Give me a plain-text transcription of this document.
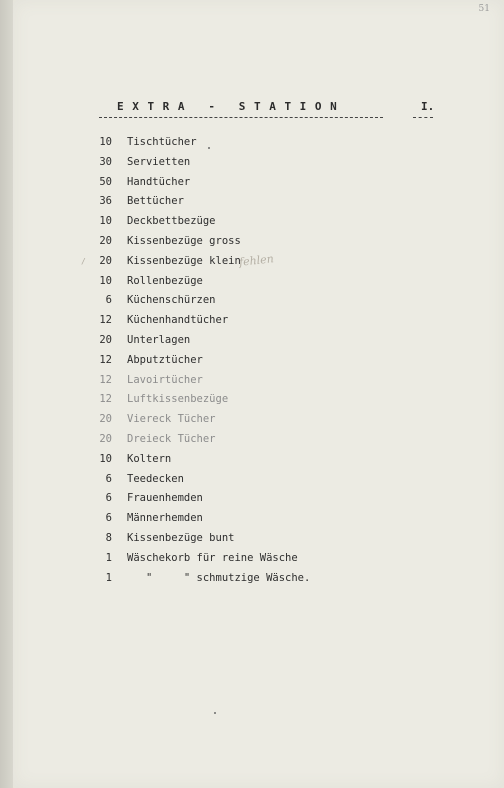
51
EXTRA - STATION	I.
/	fehlen
10 Tischtücher
30 Servietten
50 Handtücher
36 Bettücher
10 Deckbettbezüge
20 Kissenbezüge gross
20 Kissenbezüge klein
10 Rollenbezüge
6 Küchenschürzen
12 Küchenhandtücher
20 Unterlagen
12 Abputztücher
12 Lavoirtücher
12 Luftkissenbezüge
20 Viereck Tücher
20 Dreieck Tücher
10 Koltern
6 Teedecken
6 Frauenhemden
6 Männerhemden
8 Kissenbezüge bunt
1 Wäschekorb für reine Wäsche
1 "     " schmutzige Wäsche.
